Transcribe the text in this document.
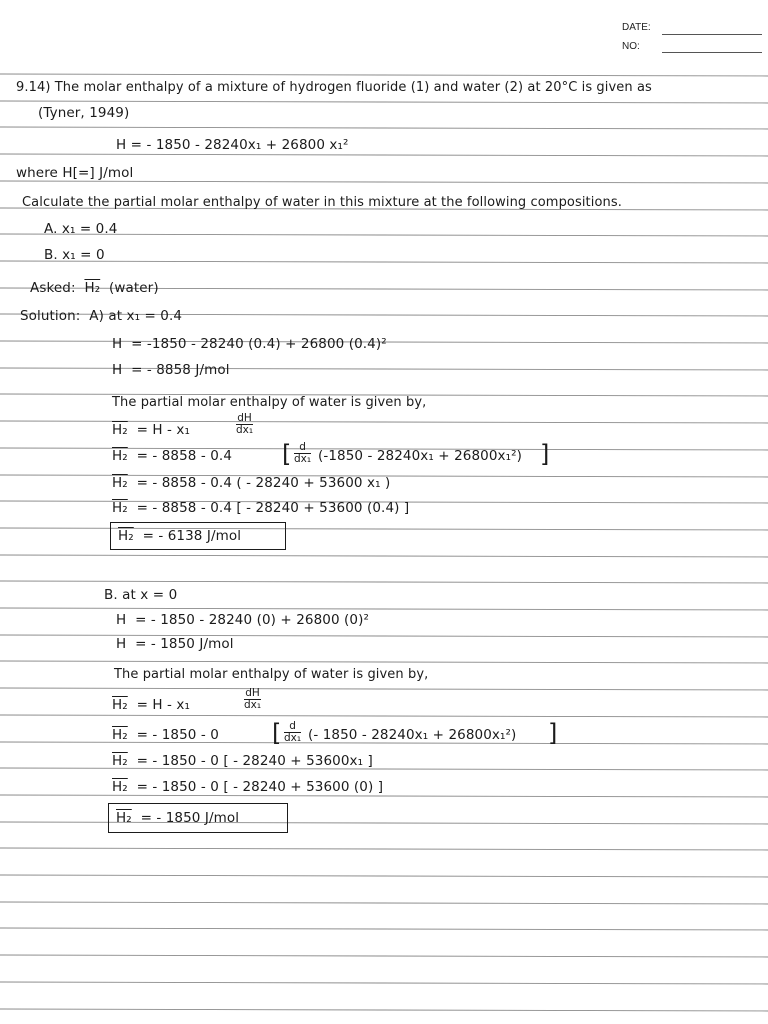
DATE:
NO:
9.14) The molar enthalpy of a mixture of hydrogen fluoride (1) and water (2) at 20°C is given as
(Tyner, 1949)
H = - 1850 - 28240x₁ + 26800 x₁²
where H[=] J/mol
Calculate the partial molar enthalpy of water in this mixture at the following compositions.
A. x₁ = 0.4
B. x₁ = 0
Asked: H₂ (water)
Solution: A) at x₁ = 0.4
H = -1850 - 28240 (0.4) + 26800 (0.4)²
H = - 8858 J/mol
The partial molar enthalpy of water is given by,
H₂ = H - x₁	$\frac{dH}{\text{dx₁}}$
H₂ = - 8858 - 0.4 [ $\frac{d}{\text{dx₁}} (-1850 - 28240x_1 + 26800x_1^2)$ ]
H₂ = - 8858 - 0.4 ( - 28240 + 53600 x₁ )
H₂ = - 8858 - 0.4 [ - 28240 + 53600 (0.4) ]
H₂ = - 6138 J/mol
B. at x = 0
H = - 1850 - 28240 (0) + 26800 (0)²
H = - 1850 J/mol
The partial molar enthalpy of water is given by,
H₂ = H - x₁	$\frac{dH}{\text{dx₁}}$
H₂ = - 1850 - 0 [ $\frac{d}{\text{dx₁}}$ (- 1850 - 28240x₁ + 26800x₁²) ]
H₂ = - 1850 - 0 [ - 28240 + 53600x₁ ]
H₂ = - 1850 - 0 [ - 28240 + 53600 (0) ]
H₂ = - 1850 J/mol
